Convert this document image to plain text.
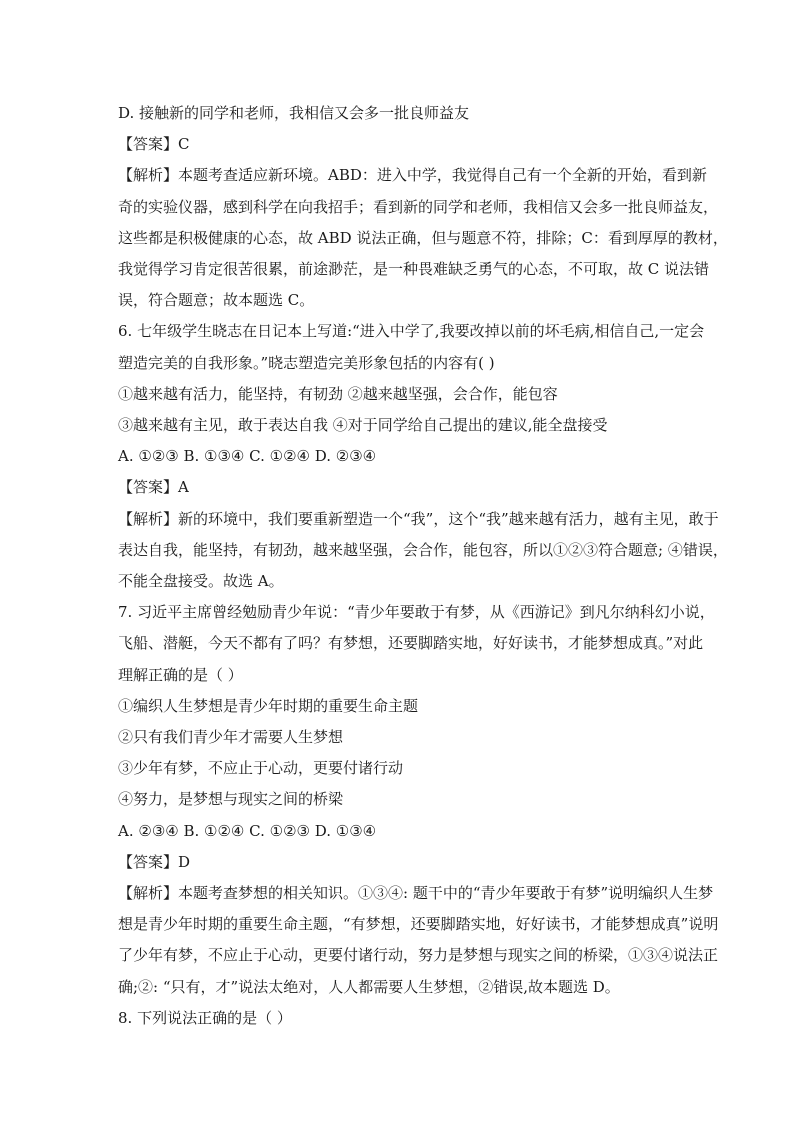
D. 接触新的同学和老师，我相信又会多一批良师益友
【答案】C
【解析】本题考查适应新环境。ABD：进入中学，我觉得自己有一个全新的开始，看到新
奇的实验仪器，感到科学在向我招手；看到新的同学和老师，我相信又会多一批良师益友，
这些都是积极健康的心态，故 ABD 说法正确，但与题意不符，排除；C：看到厚厚的教材，
我觉得学习肯定很苦很累，前途渺茫，是一种畏难缺乏勇气的心态，不可取，故 C 说法错
误，符合题意；故本题选 C。
6. 七年级学生晓志在日记本上写道:“进入中学了,我要改掉以前的坏毛病,相信自己,一定会
塑造完美的自我形象。”晓志塑造完美形象包括的内容有( )
①越来越有活力，能坚持，有韧劲 ②越来越坚强，会合作，能包容
③越来越有主见，敢于表达自我 ④对于同学给自己提出的建议,能全盘接受
A. ①②③ B. ①③④ C. ①②④ D. ②③④
【答案】A
【解析】新的环境中，我们要重新塑造一个“我”，这个“我”越来越有活力，越有主见，敢于
表达自我，能坚持，有韧劲，越来越坚强，会合作，能包容，所以①②③符合题意; ④错误，
不能全盘接受。故选 A。
7. 习近平主席曾经勉励青少年说：“青少年要敢于有梦，从《西游记》到凡尔纳科幻小说，
飞船、潜艇，今天不都有了吗？有梦想，还要脚踏实地，好好读书，才能梦想成真。”对此
理解正确的是（ ）
①编织人生梦想是青少年时期的重要生命主题
②只有我们青少年才需要人生梦想
③少年有梦，不应止于心动，更要付诸行动
④努力，是梦想与现实之间的桥梁
A. ②③④ B. ①②④ C. ①②③ D. ①③④
【答案】D
【解析】本题考查梦想的相关知识。①③④: 题干中的“青少年要敢于有梦”说明编织人生梦
想是青少年时期的重要生命主题，“有梦想，还要脚踏实地，好好读书，才能梦想成真”说明
了少年有梦，不应止于心动，更要付诸行动，努力是梦想与现实之间的桥梁，①③④说法正
确;②: “只有，才”说法太绝对，人人都需要人生梦想，②错误,故本题选 D。
8. 下列说法正确的是（ ）
